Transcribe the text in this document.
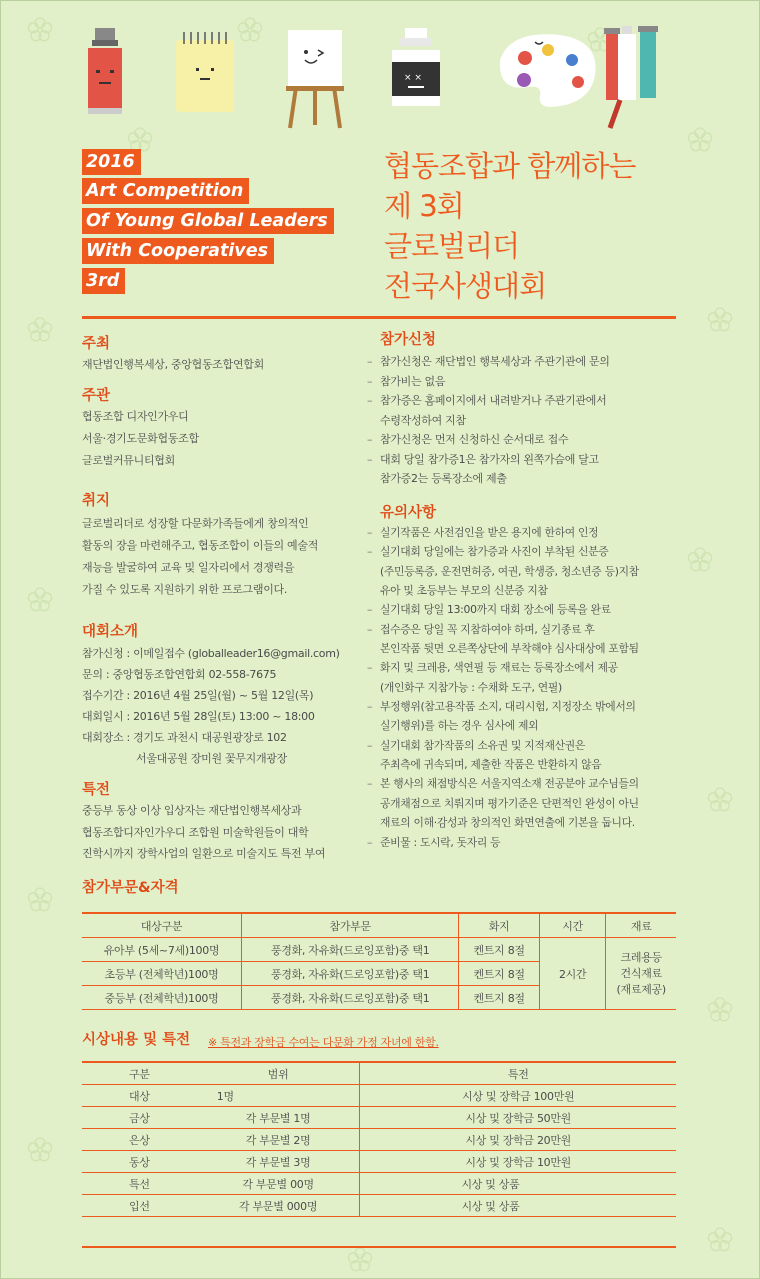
× ×
2016
Art Competition
Of Young Global Leaders
With Cooperatives
3rd
협동조합과 함께하는
제 3회
글로벌리더
전국사생대회
주최
재단법인행복세상, 중앙협동조합연합회
주관
협동조합 디자인가우디
서울·경기도문화협동조합
글로벌커뮤니티협회
취지
글로벌리더로 성장할 다문화가족들에게 창의적인
활동의 장을 마련해주고, 협동조합이 이들의 예술적
재능을 발굴하여 교육 및 일자리에서 경쟁력을
가질 수 있도록 지원하기 위한 프로그램이다.
대회소개
참가신청 : 이메일접수 (globalleader16@gmail.com)
문의 : 중앙협동조합연합회 02-558-7675
접수기간 : 2016년 4월 25일(월) ~ 5월 12일(목)
대회일시 : 2016년 5월 28일(토) 13:00 ~ 18:00
대회장소 : 경기도 과천시 대공원광장로 102
서울대공원 장미원 꽃무지개광장
특전
중등부 동상 이상 입상자는 재단법인행복세상과
협동조합디자인가우디 조합원 미술학원들이 대학
진학시까지 장학사업의 일환으로 미술지도 특전 부여
참가신청
– 참가신청은 재단법인 행복세상과 주관기관에 문의
– 참가비는 없음
– 참가증은 홈페이지에서 내려받거나 주관기관에서
수령작성하여 지참
– 참가신청은 먼저 신청하신 순서대로 접수
– 대회 당일 참가증1은 참가자의 왼쪽가슴에 달고
참가증2는 등록장소에 제출
유의사항
– 실기작품은 사전검인을 받은 용지에 한하여 인정
– 실기대회 당일에는 참가증과 사진이 부착된 신분증
(주민등록증, 운전면허증, 여권, 학생증, 청소년증 등)지참
유아 및 초등부는 부모의 신분증 지참
– 실기대회 당일 13:00까지 대회 장소에 등록을 완료
– 접수증은 당일 꼭 지참하여야 하며, 실기종료 후
본인작품 뒷면 오른쪽상단에 부착해야 심사대상에 포함됨
– 화지 및 크레용, 색연필 등 재료는 등록장소에서 제공
(개인화구 지참가능 : 수채화 도구, 연필)
– 부정행위(참고용작품 소지, 대리시험, 지정장소 밖에서의
실기행위)를 하는 경우 심사에 제외
– 실기대회 참가작품의 소유권 및 지적재산권은
주최측에 귀속되며, 제출한 작품은 반환하지 않음
– 본 행사의 채점방식은 서울지역소재 전공분야 교수님들의
공개채점으로 치뤄지며 평가기준은 단편적인 완성이 아닌
재료의 이해·감성과 창의적인 화면연출에 기본을 둡니다.
– 준비물 : 도시락, 돗자리 등
참가부문&자격
대상구분	참가부문	화지	시간	재료
유아부 (5세~7세)100명	풍경화, 자유화(드로잉포함)중 택1	켄트지 8절	2시간	크레용등
건식재료
(재료제공)

초등부 (전체학년)100명	풍경화, 자유화(드로잉포함)중 택1	켄트지 8절		
중등부 (전체학년)100명	풍경화, 자유화(드로잉포함)중 택1	켄트지 8절		
시상내용 및 특전 ※ 특전과 장학금 수여는 다문화 가정 자녀에 한함.
구분	범위	특전
대상	1명	시상 및 장학금 100만원
금상	각 부문별 1명	시상 및 장학금 50만원
은상	각 부문별 2명	시상 및 장학금 20만원
동상	각 부문별 3명	시상 및 장학금 10만원
특선	각 부문별 00명	시상 및 상품
입선	각 부문별 000명	시상 및 상품
